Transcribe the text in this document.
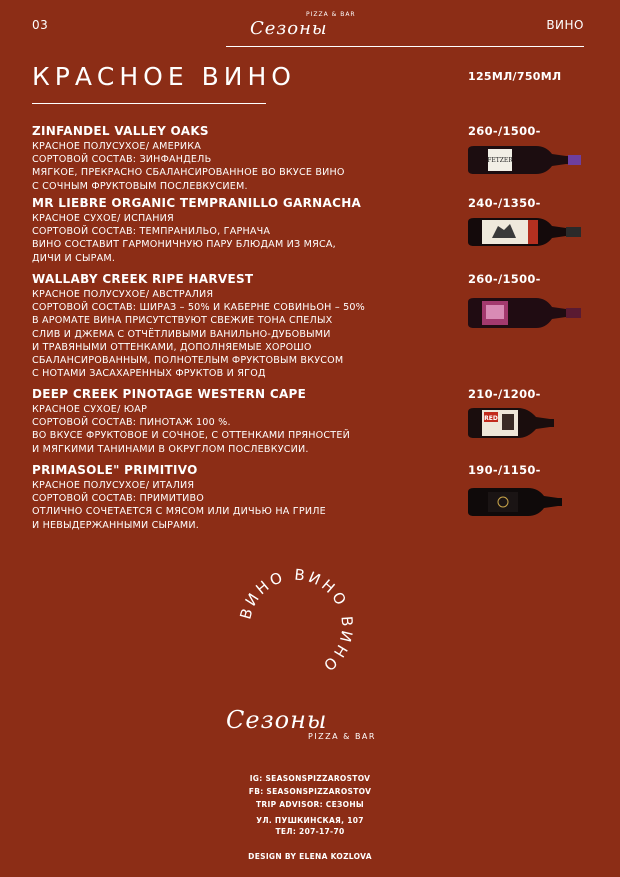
03
PIZZA & BAR
Сезоны	ВИНО
КРАСНОЕ ВИНО	125МЛ/750МЛ
ZINFANDEL VALLEY OAKS
КРАСНОЕ ПОЛУСУХОЕ/ АМЕРИКА
СОРТОВОЙ СОСТАВ: ЗИНФАНДЕЛЬ
МЯГКОЕ, ПРЕКРАСНО СБАЛАНСИРОВАННОЕ ВО ВКУСЕ ВИНО
С СОЧНЫМ ФРУКТОВЫМ ПОСЛЕВКУСИЕМ.
260-/1500-
FETZER
MR LIEBRE ORGANIC TEMPRANILLO GARNACHA
КРАСНОЕ СУХОЕ/ ИСПАНИЯ
СОРТОВОЙ СОСТАВ: ТЕМПРАНИЛЬО, ГАРНАЧА
ВИНО СОСТАВИТ ГАРМОНИЧНУЮ ПАРУ БЛЮДАМ ИЗ МЯСА,
ДИЧИ И СЫРАМ.
240-/1350-
WALLABY CREEK RIPE HARVEST
КРАСНОЕ ПОЛУСУХОЕ/ АВСТРАЛИЯ
СОРТОВОЙ СОСТАВ: ШИРАЗ – 50% И КАБЕРНЕ СОВИНЬОН – 50%
В АРОМАТЕ ВИНА ПРИСУТСТВУЮТ СВЕЖИЕ ТОНА СПЕЛЫХ
СЛИВ И ДЖЕМА С ОТЧЁТЛИВЫМИ ВАНИЛЬНО-ДУБОВЫМИ
И ТРАВЯНЫМИ ОТТЕНКАМИ, ДОПОЛНЯЕМЫЕ ХОРОШО
СБАЛАНСИРОВАННЫМ, ПОЛНОТЕЛЫМ ФРУКТОВЫМ ВКУСОМ
С НОТАМИ ЗАСАХАРЕННЫХ ФРУКТОВ И ЯГОД
260-/1500-
DEEP CREEK PINOTAGE WESTERN CAPE
КРАСНОЕ СУХОЕ/ ЮАР
СОРТОВОЙ СОСТАВ: ПИНОТАЖ 100 %.
ВО ВКУСЕ ФРУКТОВОЕ И СОЧНОЕ, С ОТТЕНКАМИ ПРЯНОСТЕЙ
И МЯГКИМИ ТАНИНАМИ В ОКРУГЛОМ ПОСЛЕВКУСИИ.
210-/1200-
RED
PRIMASOLE" PRIMITIVO
КРАСНОЕ ПОЛУСУХОЕ/ ИТАЛИЯ
СОРТОВОЙ СОСТАВ: ПРИМИТИВО
ОТЛИЧНО СОЧЕТАЕТСЯ С МЯСОМ ИЛИ ДИЧЬЮ НА ГРИЛЕ
И НЕВЫДЕРЖАННЫМИ СЫРАМИ.
190-/1150-
ВИНО ВИНО ВИНО
Сезоны
PIZZA & BAR
IG: SEASONSPIZZAROSTOV
FB: SEASONSPIZZAROSTOV
TRIP ADVISOR: СЕЗОНЫ
УЛ. ПУШКИНСКАЯ, 107
ТЕЛ: 207-17-70
DESIGN BY ELENA KOZLOVA
